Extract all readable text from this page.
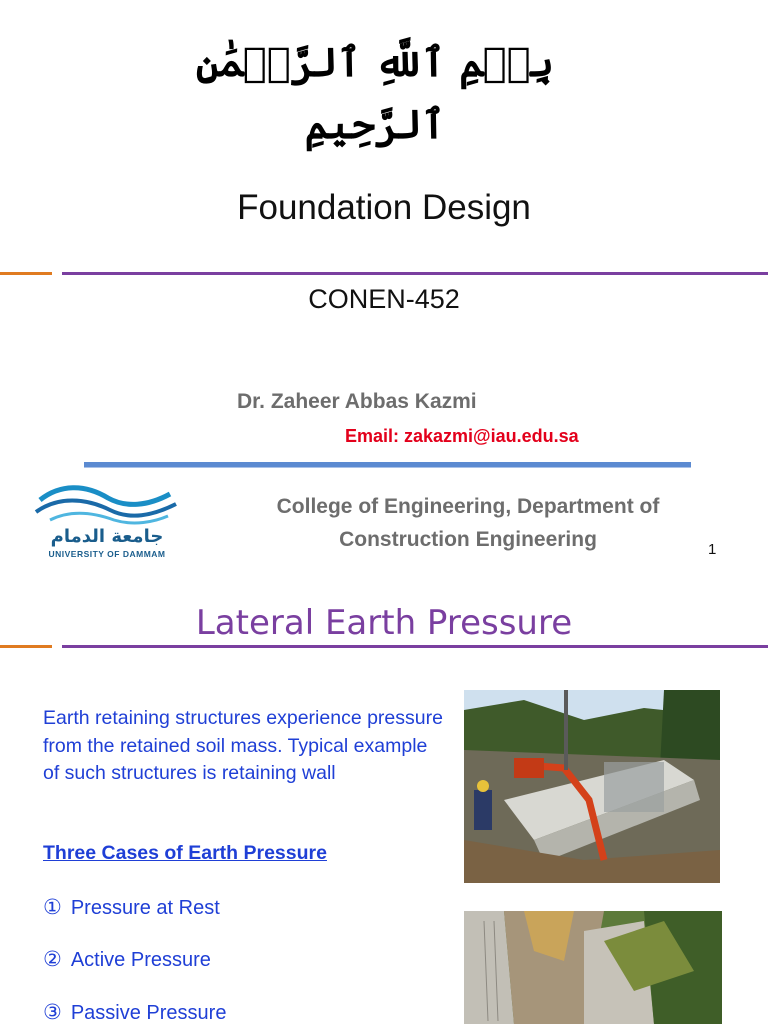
بِسۡمِ ٱللَّهِ ٱلرَّحۡمَٰنِ ٱلرَّحِيمِ
Foundation Design
CONEN-452
Dr. Zaheer Abbas Kazmi
Email: zakazmi@iau.edu.sa
جامعة الدمام
UNIVERSITY OF DAMMAM
College of Engineering, Department of
Construction Engineering	1
Lateral Earth Pressure
Earth retaining structures experience pressure from the retained soil mass. Typical example of such structures is retaining wall
Three Cases of Earth Pressure
① Pressure at Rest
② Active Pressure
③ Passive Pressure
